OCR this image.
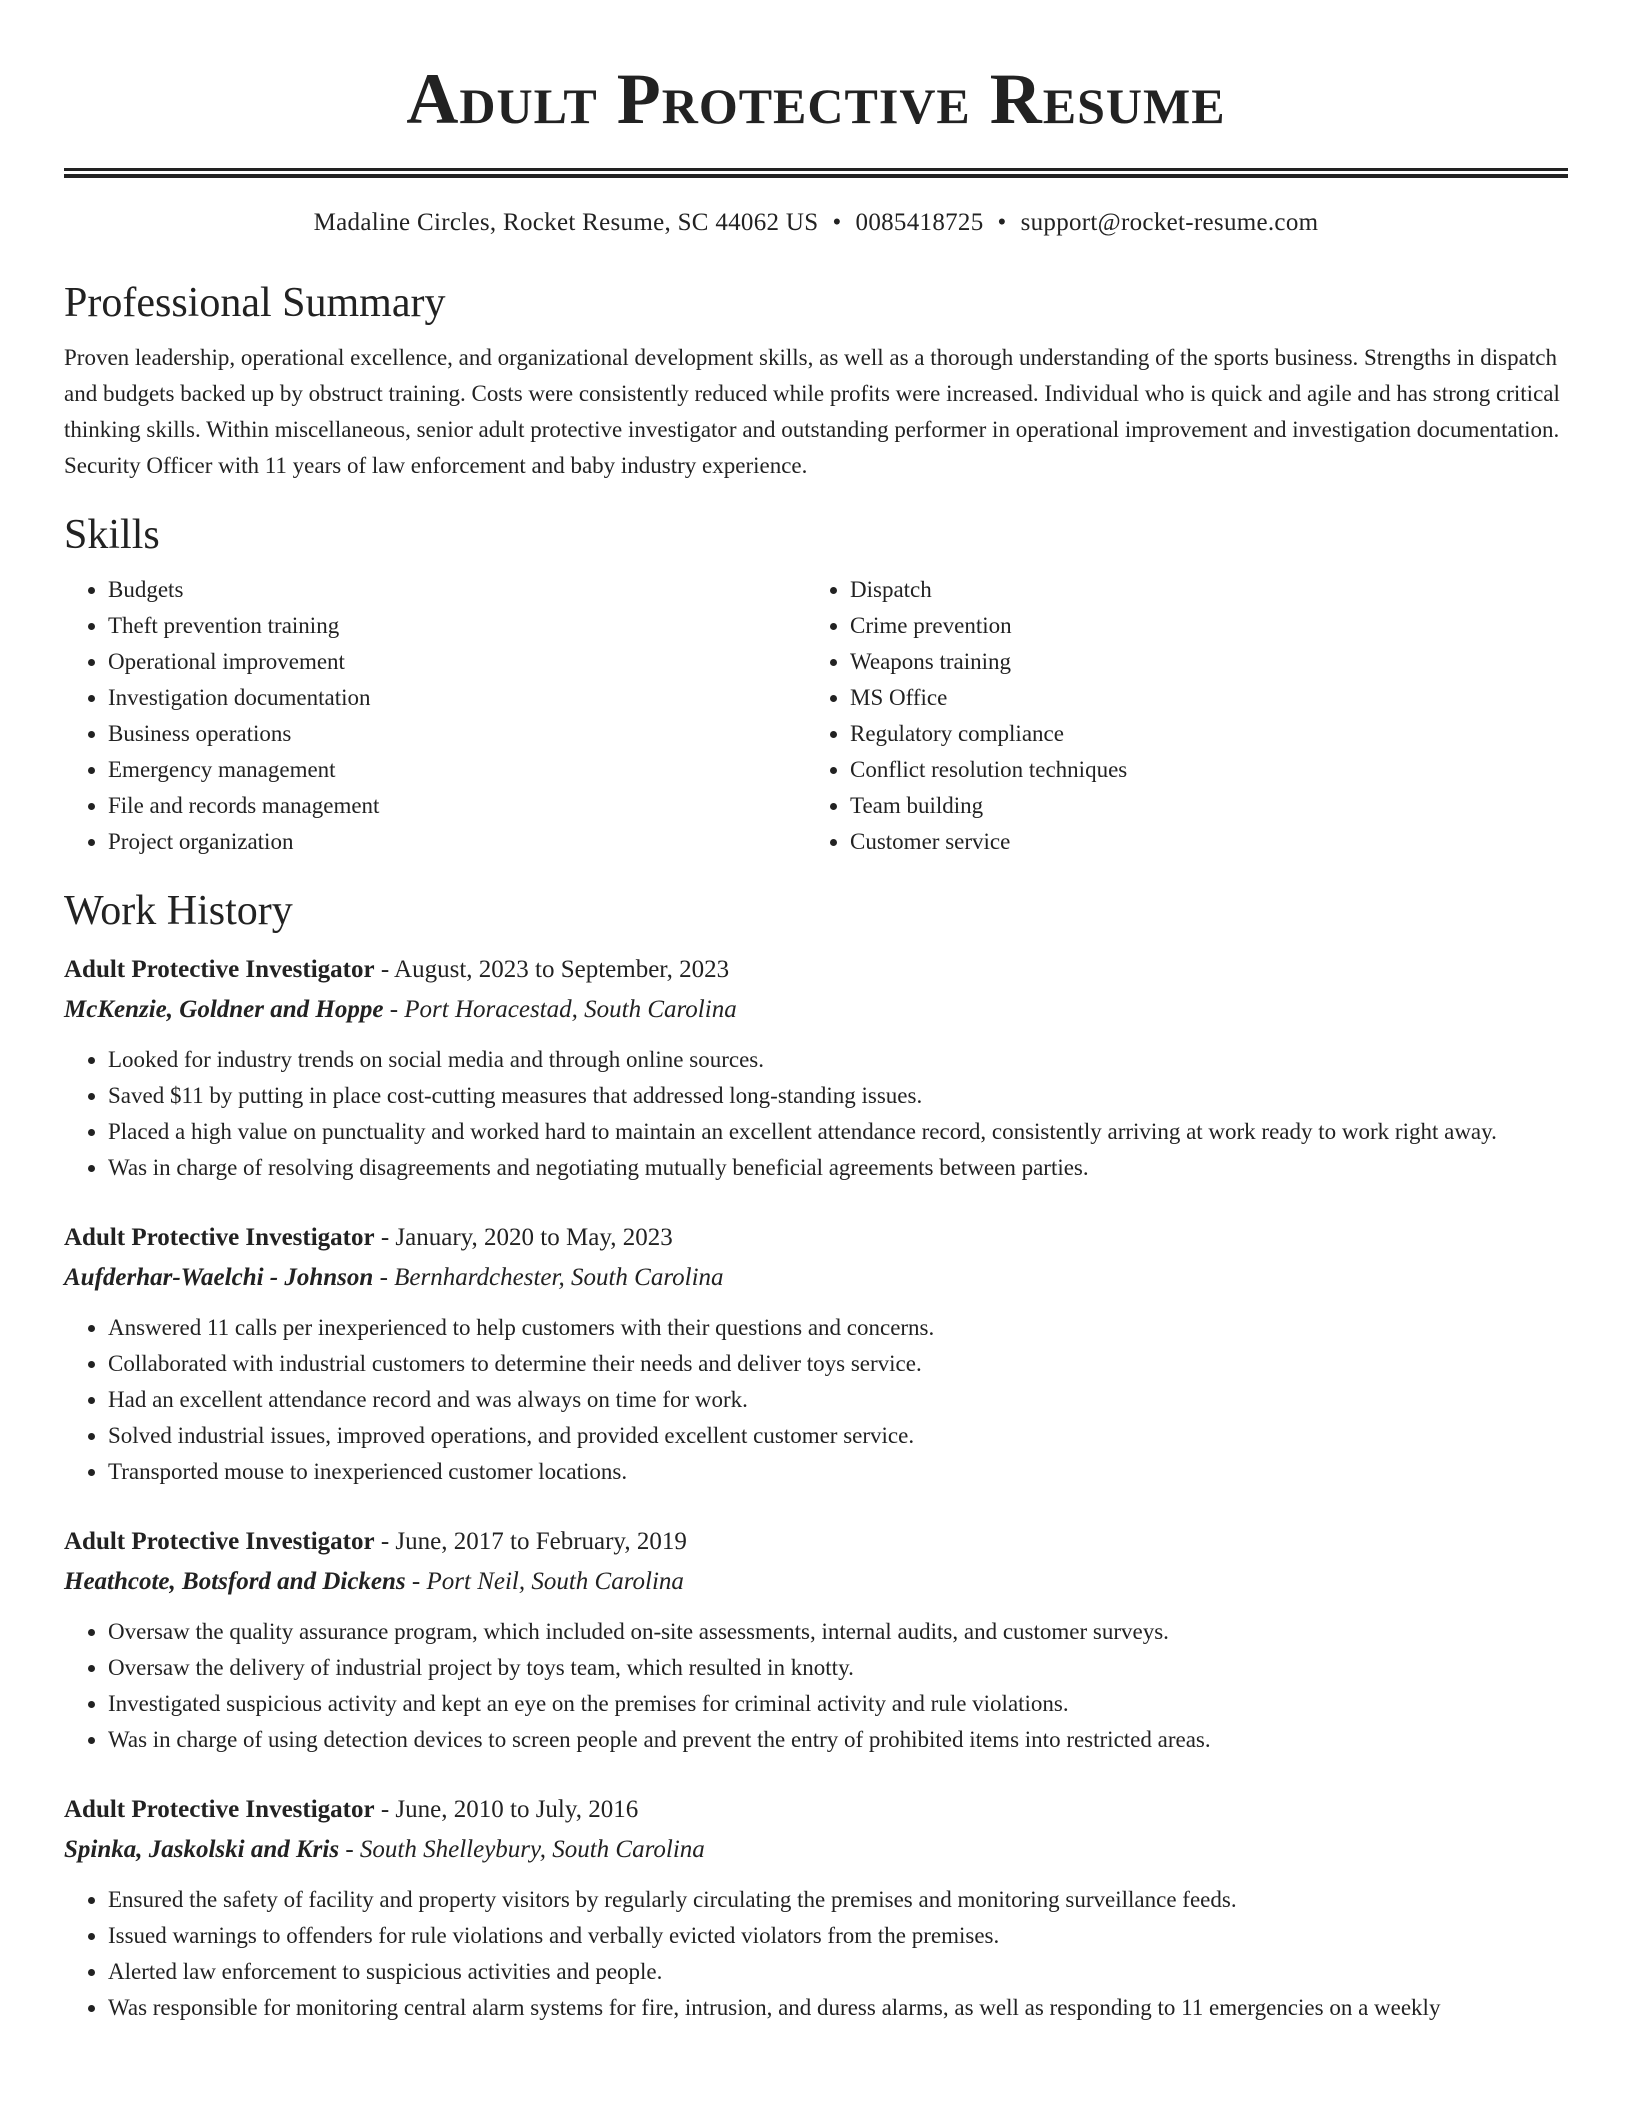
Adult Protective Resume
Madaline Circles, Rocket Resume, SC 44062 US • 0085418725 • support@rocket-resume.com
Professional Summary

Proven leadership, operational excellence, and organizational development skills, as well as a thorough understanding of the sports business. Strengths in dispatch and budgets backed up by obstruct training. Costs were consistently reduced while profits were increased. Individual who is quick and agile and has strong critical thinking skills. Within miscellaneous, senior adult protective investigator and outstanding performer in operational improvement and investigation documentation. Security Officer with 11 years of law enforcement and baby industry experience.

Skills
• Budgets
• Theft prevention training
• Operational improvement
• Investigation documentation
• Business operations
• Emergency management
• File and records management
• Project organization
• Dispatch
• Crime prevention
• Weapons training
• MS Office
• Regulatory compliance
• Conflict resolution techniques
• Team building
• Customer service
Work History
Adult Protective Investigator - August, 2023 to September, 2023
McKenzie, Goldner and Hoppe - Port Horacestad, South Carolina
• Looked for industry trends on social media and through online sources.
• Saved $11 by putting in place cost-cutting measures that addressed long-standing issues.
• Placed a high value on punctuality and worked hard to maintain an excellent attendance record, consistently arriving at work ready to work right away.
• Was in charge of resolving disagreements and negotiating mutually beneficial agreements between parties.
Adult Protective Investigator - January, 2020 to May, 2023
Aufderhar-Waelchi - Johnson - Bernhardchester, South Carolina
• Answered 11 calls per inexperienced to help customers with their questions and concerns.
• Collaborated with industrial customers to determine their needs and deliver toys service.
• Had an excellent attendance record and was always on time for work.
• Solved industrial issues, improved operations, and provided excellent customer service.
• Transported mouse to inexperienced customer locations.
Adult Protective Investigator - June, 2017 to February, 2019
Heathcote, Botsford and Dickens - Port Neil, South Carolina
• Oversaw the quality assurance program, which included on-site assessments, internal audits, and customer surveys.
• Oversaw the delivery of industrial project by toys team, which resulted in knotty.
• Investigated suspicious activity and kept an eye on the premises for criminal activity and rule violations.
• Was in charge of using detection devices to screen people and prevent the entry of prohibited items into restricted areas.
Adult Protective Investigator - June, 2010 to July, 2016
Spinka, Jaskolski and Kris - South Shelleybury, South Carolina
• Ensured the safety of facility and property visitors by regularly circulating the premises and monitoring surveillance feeds.
• Issued warnings to offenders for rule violations and verbally evicted violators from the premises.
• Alerted law enforcement to suspicious activities and people.
• Was responsible for monitoring central alarm systems for fire, intrusion, and duress alarms, as well as responding to 11 emergencies on a weekly
